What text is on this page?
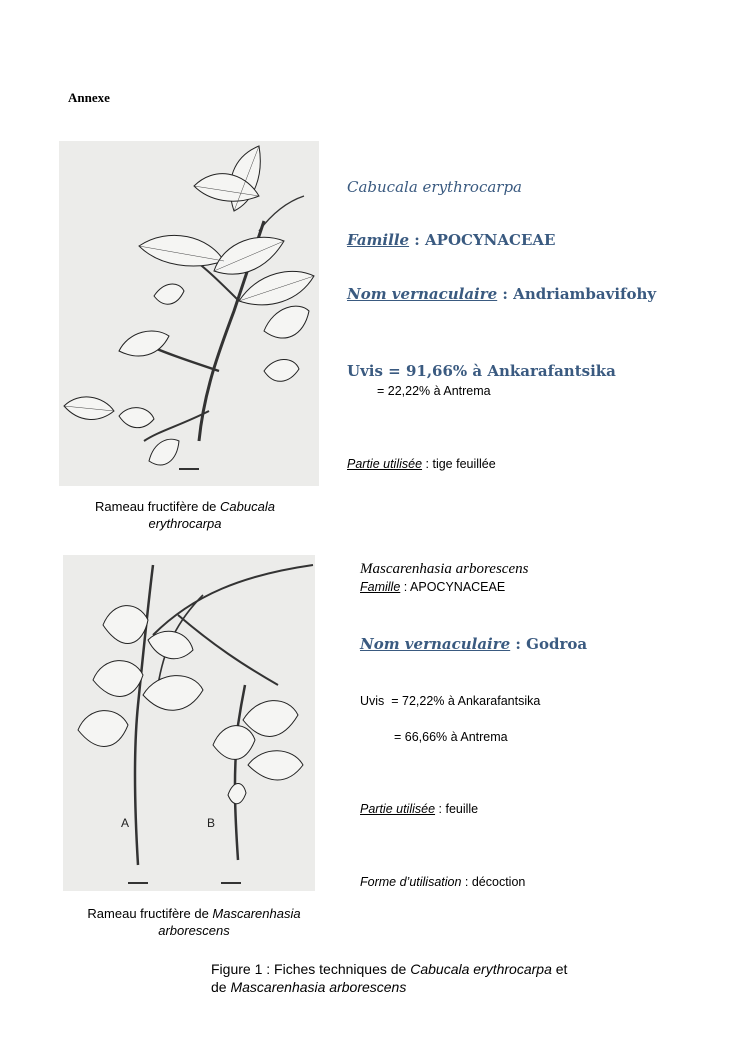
Annexe
Rameau fructifère de Cabucala
erythrocarpa
Cabucala erythrocarpa
Famille : APOCYNACEAE
Nom vernaculaire : Andriambavifohy
Uvis = 91,66% à Ankarafantsika
= 22,22% à Antrema
Partie utilisée : tige feuillée
A	B
Rameau fructifère de Mascarenhasia
arborescens
Mascarenhasia arborescens
Famille : APOCYNACEAE
Nom vernaculaire : Godroa
Uvis  = 72,22% à Ankarafantsika
= 66,66% à Antrema
Partie utilisée : feuille
Forme d’utilisation : décoction
Figure 1 : Fiches techniques de Cabucala erythrocarpa et
de Mascarenhasia arborescens
